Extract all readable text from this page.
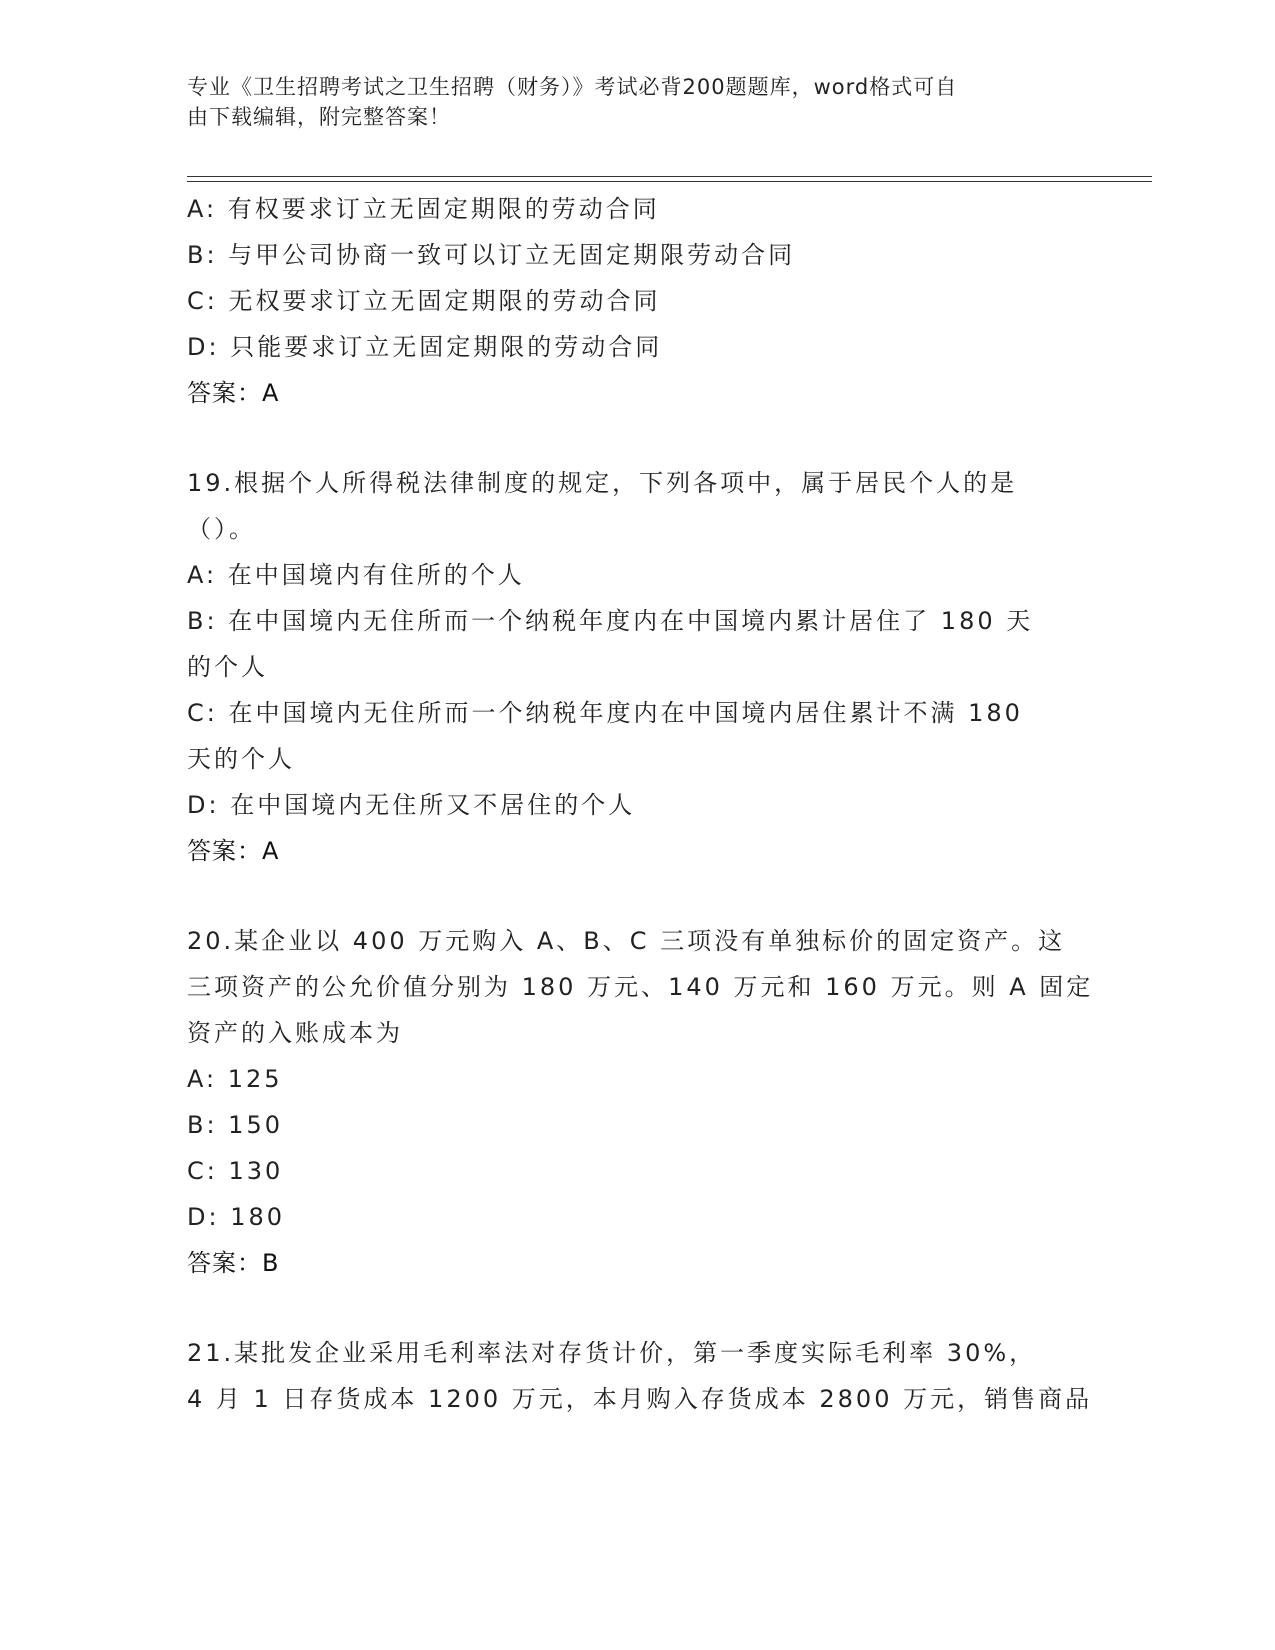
专业《卫生招聘考试之卫生招聘（财务）》考试必背200题题库，word格式可自
由下载编辑，附完整答案！
A: 有权要求订立无固定期限的劳动合同
B: 与甲公司协商一致可以订立无固定期限劳动合同
C: 无权要求订立无固定期限的劳动合同
D: 只能要求订立无固定期限的劳动合同
答案：A
19.根据个人所得税法律制度的规定，下列各项中，属于居民个人的是
（）。
A: 在中国境内有住所的个人
B: 在中国境内无住所而一个纳税年度内在中国境内累计居住了 180 天
的个人
C: 在中国境内无住所而一个纳税年度内在中国境内居住累计不满 180
天的个人
D: 在中国境内无住所又不居住的个人
答案：A
20.某企业以 400 万元购入 A、B、C 三项没有单独标价的固定资产。这
三项资产的公允价值分别为 180 万元、140 万元和 160 万元。则 A 固定
资产的入账成本为
A: 125
B: 150
C: 130
D: 180
答案：B
21.某批发企业采用毛利率法对存货计价，第一季度实际毛利率 30%，
4 月 1 日存货成本 1200 万元，本月购入存货成本 2800 万元，销售商品
